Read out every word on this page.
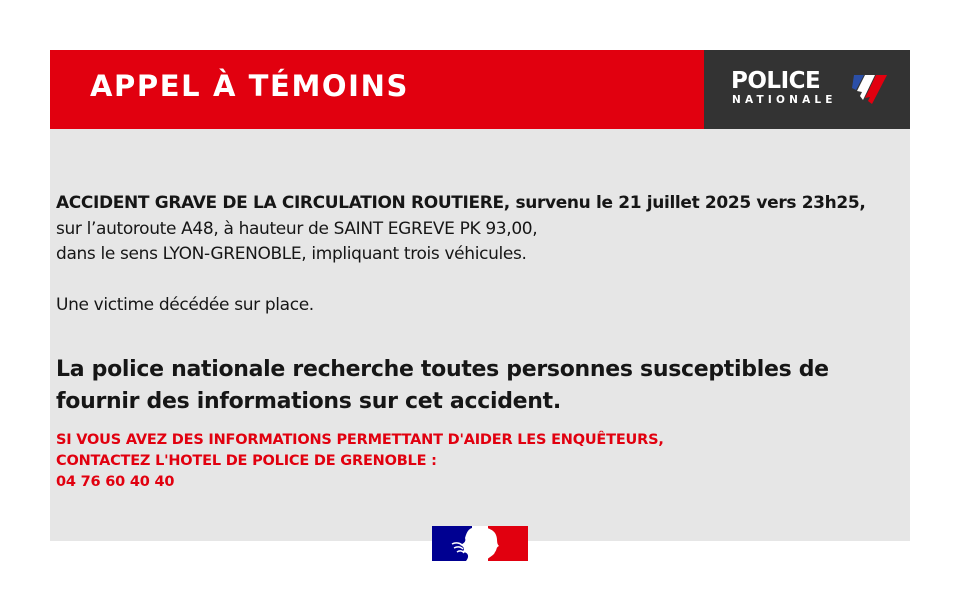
APPEL À TÉMOINS	POLICE
NATIONALE

ACCIDENT GRAVE DE LA CIRCULATION ROUTIERE, survenu le 21 juillet 2025 vers 23h25,
sur l’autoroute A48, à hauteur de SAINT EGREVE PK 93,00,
dans le sens LYON-GRENOBLE, impliquant trois véhicules.

Une victime décédée sur place.

La police nationale recherche toutes personnes susceptibles de fournir des informations sur cet accident.

SI VOUS AVEZ DES INFORMATIONS PERMETTANT D'AIDER LES ENQUÊTEURS,
CONTACTEZ L'HOTEL DE POLICE DE GRENOBLE :
04 76 60 40 40
